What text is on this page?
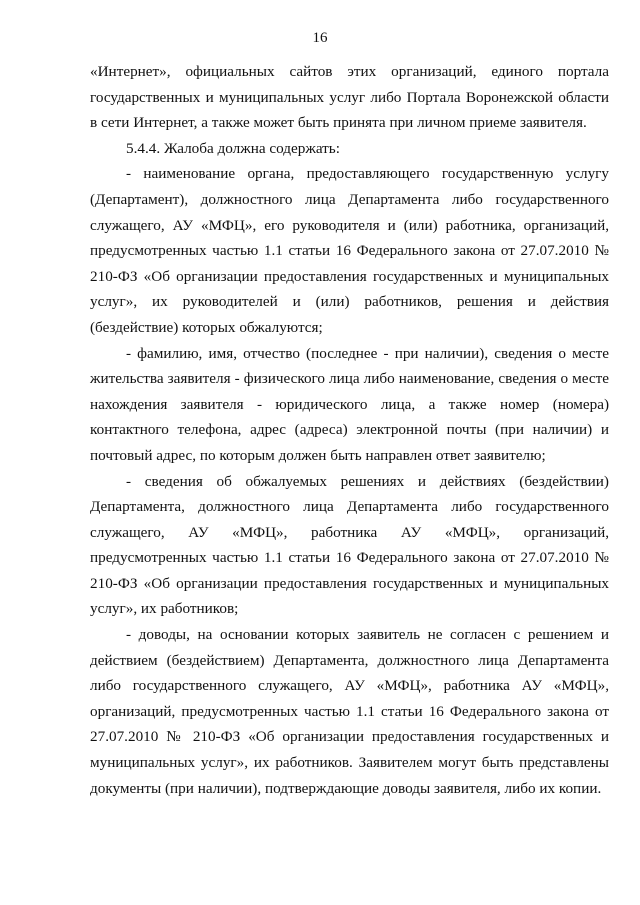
16

«Интернет», официальных сайтов этих организаций, единого портала государственных и муниципальных услуг либо Портала Воронежской области в сети Интернет, а также может быть принята при личном приеме заявителя.

5.4.4. Жалоба должна содержать:

- наименование органа, предоставляющего государственную услугу (Департамент), должностного лица Департамента либо государственного служащего, АУ «МФЦ», его руководителя и (или) работника, организаций, предусмотренных частью 1.1 статьи 16 Федерального закона от 27.07.2010 № 210-ФЗ «Об организации предоставления государственных и муниципальных услуг», их руководителей и (или) работников, решения и действия (бездействие) которых обжалуются;

- фамилию, имя, отчество (последнее - при наличии), сведения о месте жительства заявителя - физического лица либо наименование, сведения о месте нахождения заявителя - юридического лица, а также номер (номера) контактного телефона, адрес (адреса) электронной почты (при наличии) и почтовый адрес, по которым должен быть направлен ответ заявителю;

- сведения об обжалуемых решениях и действиях (бездействии) Департамента, должностного лица Департамента либо государственного служащего, АУ «МФЦ», работника АУ «МФЦ», организаций, предусмотренных частью 1.1 статьи 16 Федерального закона от 27.07.2010 № 210-ФЗ «Об организации предоставления государственных и муниципальных услуг», их работников;

- доводы, на основании которых заявитель не согласен с решением и действием (бездействием) Департамента, должностного лица Департамента либо государственного служащего, АУ «МФЦ», работника АУ «МФЦ», организаций, предусмотренных частью 1.1 статьи 16 Федерального закона от 27.07.2010 № 210-ФЗ «Об организации предоставления государственных и муниципальных услуг», их работников. Заявителем могут быть представлены документы (при наличии), подтверждающие доводы заявителя, либо их копии.
